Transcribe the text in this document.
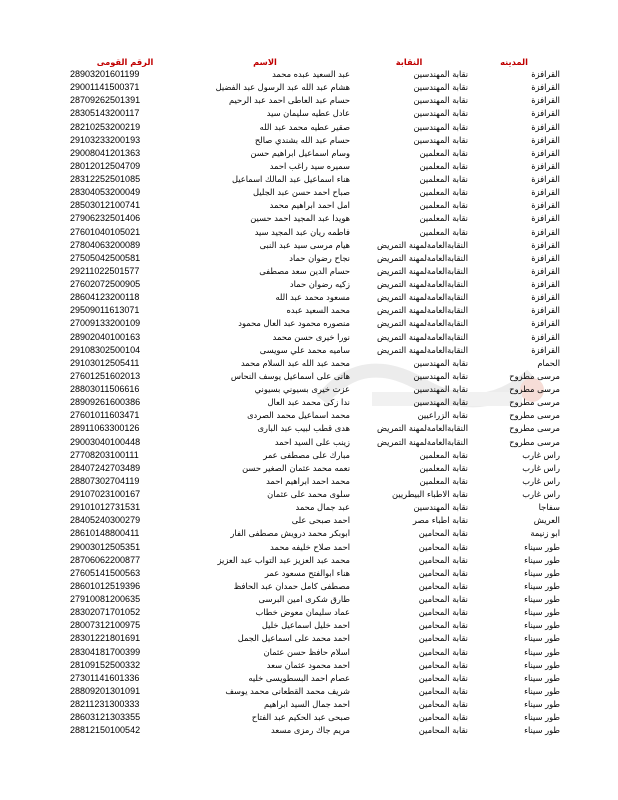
الرقم القومى	الاسم	النقابة	المدينه
28903201601199	عبد السعيد عبده محمد	نقابة المهندسين	القرافزة
29001141500371	هشام عبد الله عبد الرسول عبد الفضيل	نقابة المهندسين	القرافزة
28709262501391	حسام عبد العاطى احمد عبد الرحيم	نقابة المهندسين	القرافزة
28305143200117	عادل عطيه سليمان سيد	نقابة المهندسين	القرافزة
28210253200219	صقير عطيه محمد عبد الله	نقابة المهندسين	القرافزة
29103233200193	حسام عبد الله بشندي صالح	نقابة المهندسين	القرافزة
29008041201363	وسام اسماعيل ابراهيم حسن	نقابة المعلمين	القرافزة
28012012504709	سميره سيد راغب احمد	نقابة المعلمين	القرافزة
28312252501085	هناء اسماعيل عبد المالك اسماعيل	نقابة المعلمين	القرافزة
28304053200049	صباح احمد حسن عبد الجليل	نقابة المعلمين	القرافزة
28503012100741	امل احمد ابراهيم محمد	نقابة المعلمين	القرافزة
27906232501406	هويدا عبد المجيد احمد حسين	نقابة المعلمين	القرافزة
27601040105021	فاطمه ريان عبد المجيد سيد	نقابة المعلمين	القرافزة
27804063200089	هيام مرسى سيد عبد النبى	النقابةالعامةلمهنة التمريض	القرافزة
27505042500581	نجاح رضوان حماد	النقابةالعامةلمهنة التمريض	القرافزة
29211022501577	حسام الدين سعد مصطفى	النقابةالعامةلمهنة التمريض	القرافزة
27602072500905	زكيه رضوان حماد	النقابةالعامةلمهنة التمريض	القرافزة
28604123200118	مسعود محمد عبد الله	النقابةالعامةلمهنة التمريض	القرافزة
29509011613071	محمد السعيد عبده	النقابةالعامةلمهنة التمريض	القرافزة
27009133200109	منصوره محمود عبد العال محمود	النقابةالعامةلمهنة التمريض	القرافزة
28902040100163	نورا خيرى حسن محمد	النقابةالعامةلمهنة التمريض	القرافزة
29108302500104	ساميه محمد علي سويسى	النقابةالعامةلمهنة التمريض	القرافزة
29103012505411	محمد عبد الله عبد السلام محمد	نقابة المهندسين	الحمام
27601251602013	هانى على اسماعيل يوسف النحاس	نقابة المهندسين	مرسى مطروح
28803011506616	عزت خيرى بسيوني بسيوني	نقابة المهندسين	مرسى مطروح
28909261600386	ندا زكى محمد عبد العال	نقابة المهندسين	مرسى مطروح
27601011603471	محمد اسماعيل محمد الصردى	نقابة الزراعيين	مرسى مطروح
28911063300126	هدى قطب لبيب عبد البارى	النقابةالعامةلمهنة التمريض	مرسى مطروح
29003040100448	زينب على السيد احمد	النقابةالعامةلمهنة التمريض	مرسى مطروح
27708203100111	مبارك على مصطفى عمر	نقابة المعلمين	راس غارب
28407242703489	نعمه محمد عثمان الصغير حسن	نقابة المعلمين	راس غارب
28807302704119	محمد احمد ابراهيم احمد	نقابة المعلمين	راس غارب
29107023100167	سلوى محمد على عثمان	نقابة الاطباء البيطريين	راس غارب
29101012731531	عبد جمال محمد	نقابة المهندسين	سفاجا
28405240300279	احمد صبحى على	نقابة اطباء مصر	العريش
28610148800411	ابوبكر محمد درويش مصطفى الفار	نقابة المحامين	ابو زنيمة
29003012505351	احمد صلاح خليفه محمد	نقابة المحامين	طور سيناء
28706062200877	محمد عبد العزيز عبد التواب عبد العزيز	نقابة المحامين	طور سيناء
27605141500563	هناء ابوالفتح مسعود عمر	نقابة المحامين	طور سيناء
28601012519396	مصطفى كامل حمدان عبد الحافظ	نقابة المحامين	طور سيناء
27910081200635	طارق شكرى امين البرسى	نقابة المحامين	طور سيناء
28302071701052	عماد سليمان معوض خطاب	نقابة المحامين	طور سيناء
28007312100975	احمد خليل اسماعيل خليل	نقابة المحامين	طور سيناء
28301221801691	احمد محمد على اسماعيل الجمل	نقابة المحامين	طور سيناء
28304181700399	اسلام حافظ حسن عثمان	نقابة المحامين	طور سيناء
28109152500332	احمد محمود عثمان سعد	نقابة المحامين	طور سيناء
27301141601336	عصام احمد البسطويسى خليه	نقابة المحامين	طور سيناء
28809201301091	شريف محمد القطعانى محمد يوسف	نقابة المحامين	طور سيناء
28211231300333	احمد جمال السيد ابراهيم	نقابة المحامين	طور سيناء
28603121303355	صبحى عبد الحكيم عبد الفتاح	نقابة المحامين	طور سيناء
28812150100542	مريم جاك رمزى مسعد	نقابة المحامين	طور سيناء
